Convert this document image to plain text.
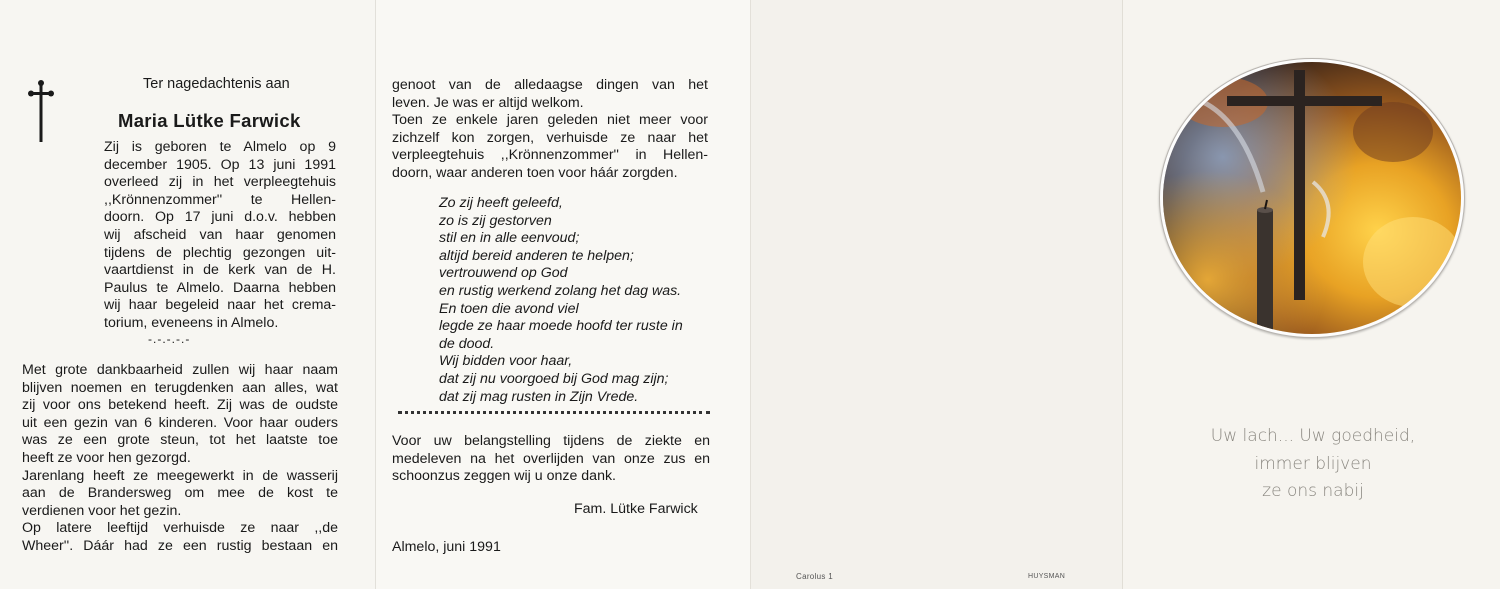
Ter nagedachtenis aan
Maria Lütke Farwick
Zij is geboren te Almelo op 9
december 1905. Op 13 juni 1991
overleed zij in het verpleegtehuis
,,Krönnenzommer'' te Hellen-
doorn. Op 17 juni d.o.v. hebben
wij afscheid van haar genomen
tijdens de plechtig gezongen uit-
vaartdienst in de kerk van de H.
Paulus te Almelo. Daarna hebben
wij haar begeleid naar het crema-
torium, eveneens in Almelo.
-.-.-.-.-
Met grote dankbaarheid zullen wij haar naam
blijven noemen en terugdenken aan alles, wat
zij voor ons betekend heeft. Zij was de oudste
uit een gezin van 6 kinderen. Voor haar ouders
was ze een grote steun, tot het laatste toe
heeft ze voor hen gezorgd.
Jarenlang heeft ze meegewerkt in de wasserij
aan de Brandersweg om mee de kost te
verdienen voor het gezin.
Op latere leeftijd verhuisde ze naar ,,de
Wheer''. Dáár had ze een rustig bestaan en
genoot van de alledaagse dingen van het
leven. Je was er altijd welkom.
Toen ze enkele jaren geleden niet meer voor
zichzelf kon zorgen, verhuisde ze naar het
verpleegtehuis ,,Krönnenzommer'' in Hellen-
doorn, waar anderen toen voor háár zorgden.
Zo zij heeft geleefd,
zo is zij gestorven
stil en in alle eenvoud;
altijd bereid anderen te helpen;
vertrouwend op God
en rustig werkend zolang het dag was.
En toen die avond viel
legde ze haar moede hoofd ter ruste in
de dood.
Wij bidden voor haar,
dat zij nu voorgoed bij God mag zijn;
dat zij mag rusten in Zijn Vrede.
Voor uw belangstelling tijdens de ziekte en
medeleven na het overlijden van onze zus en
schoonzus zeggen wij u onze dank.
Fam. Lütke Farwick
Almelo, juni 1991
Carolus 1	HUYSMAN
Uw lach... Uw goedheid,
immer blijven
ze ons nabij
